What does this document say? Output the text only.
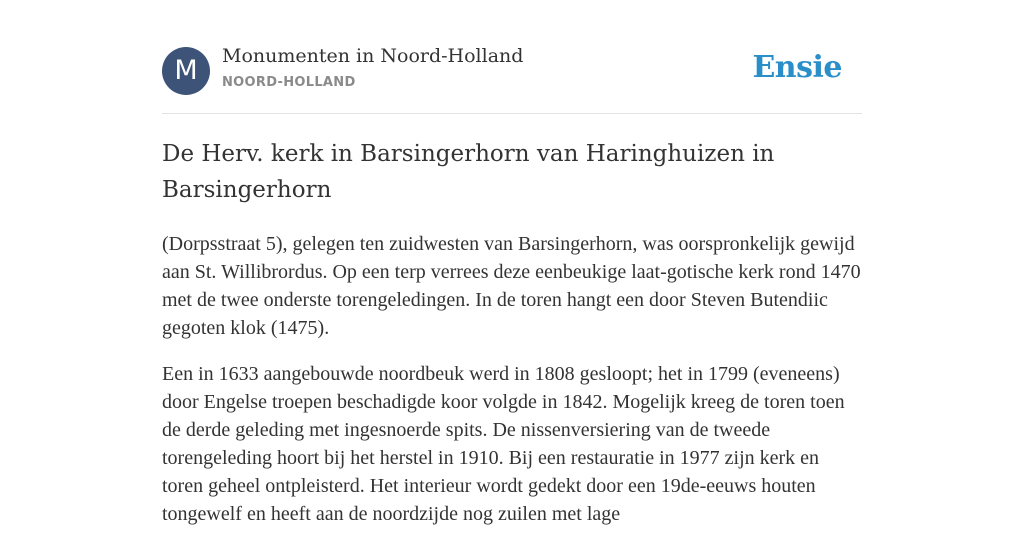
M	Monumenten in Noord-Holland
NOORD-HOLLAND	Ensie
De Herv. kerk in Barsingerhorn van Haringhuizen in Barsingerhorn

(Dorpsstraat 5), gelegen ten zuidwesten van Barsingerhorn, was oorspronkelijk gewijd aan St. Willibrordus. Op een terp verrees deze eenbeukige laat-gotische kerk rond 1470 met de twee onderste torengeledingen. In de toren hangt een door Steven Butendiic gegoten klok (1475).

Een in 1633 aangebouwde noordbeuk werd in 1808 gesloopt; het in 1799 (eveneens) door Engelse troepen beschadigde koor volgde in 1842. Mogelijk kreeg de toren toen de derde geleding met ingesnoerde spits. De nissenversiering van de tweede torengeleding hoort bij het herstel in 1910. Bij een restauratie in 1977 zijn kerk en toren geheel ontpleisterd. Het interieur wordt gedekt door een 19de-eeuws houten tongewelf en heeft aan de noordzijde nog zuilen met lage
